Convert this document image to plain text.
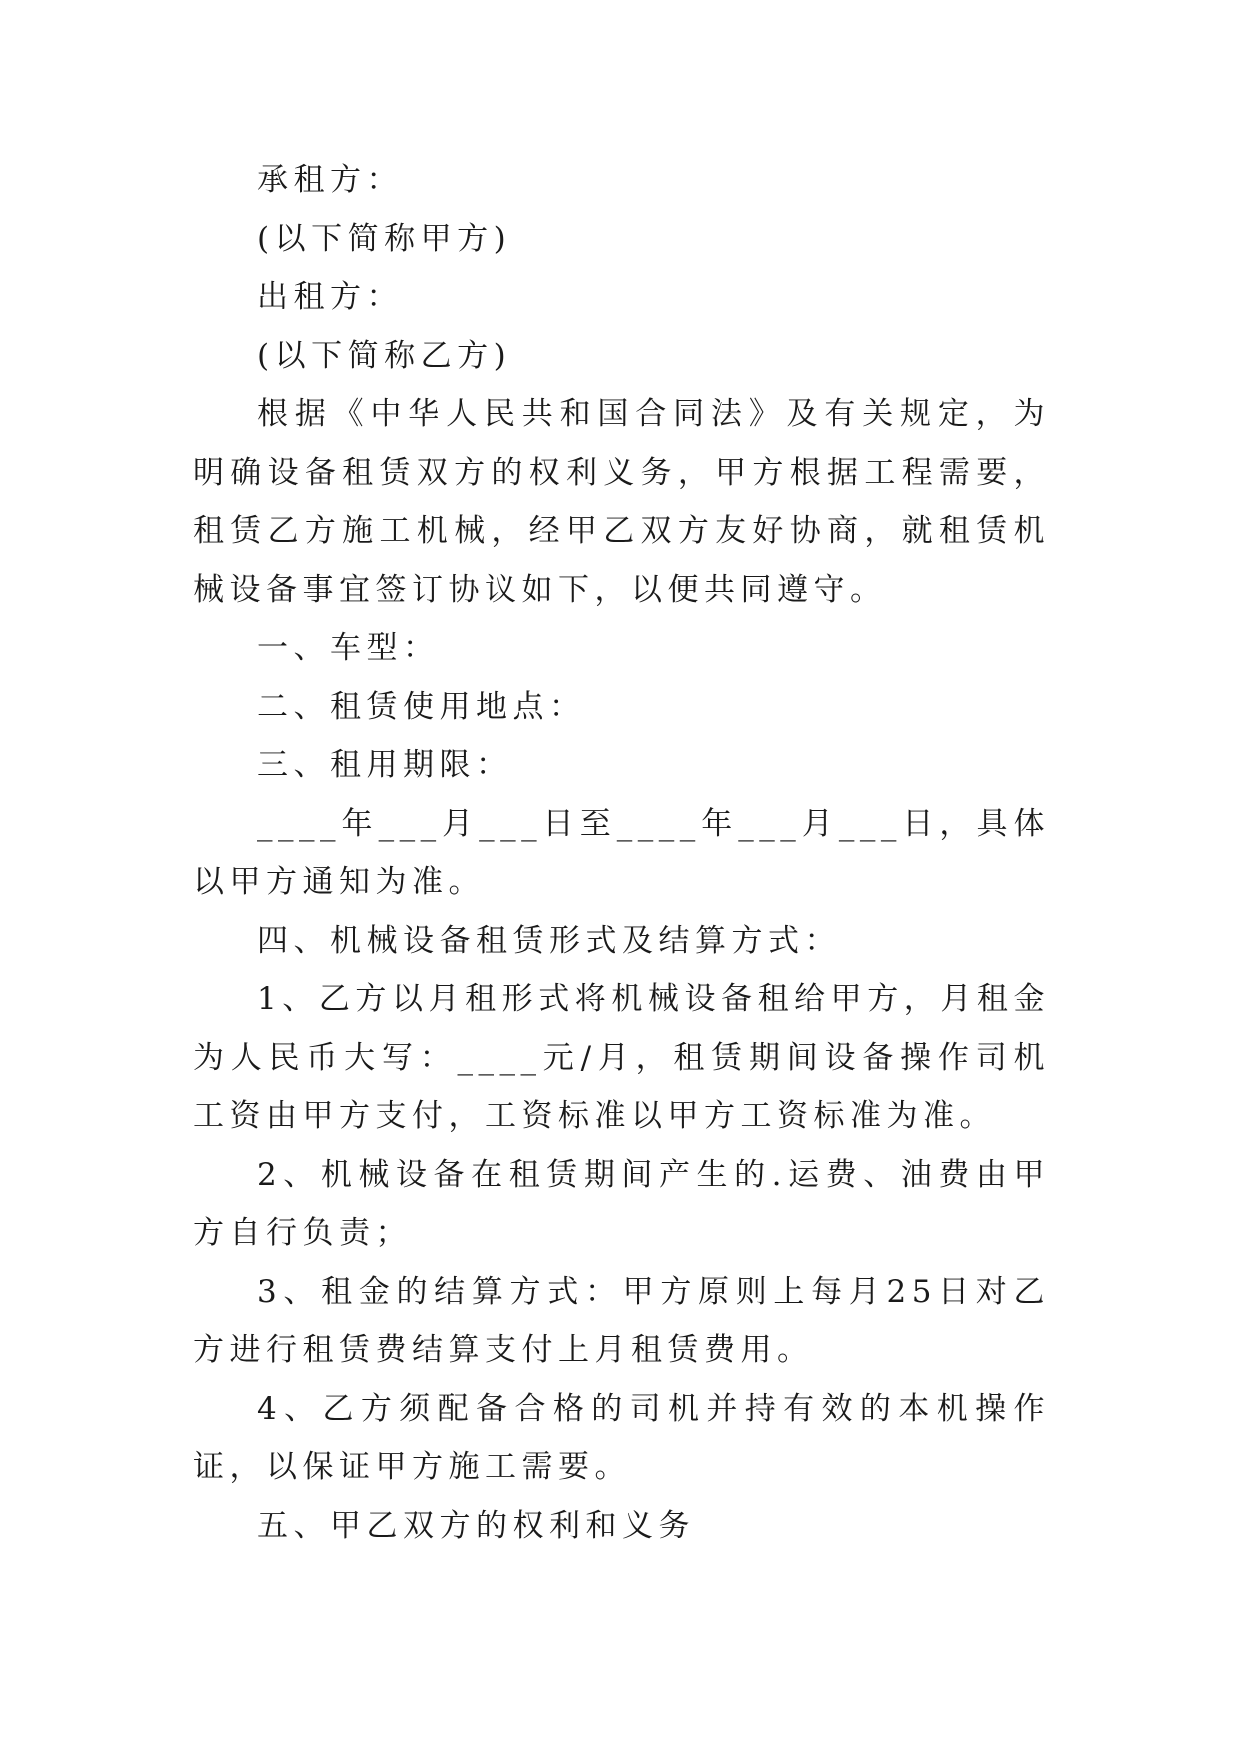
承租方：

(以下简称甲方)

出租方：

(以下简称乙方)

根据《中华人民共和国合同法》及有关规定，为明确设备租赁双方的权利义务，甲方根据工程需要，租赁乙方施工机械，经甲乙双方友好协商，就租赁机械设备事宜签订协议如下，以便共同遵守。

一、车型：

二、租赁使用地点：

三、租用期限：

____年___月___日至____年___月___日，具体以甲方通知为准。

四、机械设备租赁形式及结算方式：

1、乙方以月租形式将机械设备租给甲方，月租金为人民币大写：____元/月，租赁期间设备操作司机工资由甲方支付，工资标准以甲方工资标准为准。

2、机械设备在租赁期间产生的.运费、油费由甲方自行负责；

3、租金的结算方式：甲方原则上每月25日对乙方进行租赁费结算支付上月租赁费用。

4、乙方须配备合格的司机并持有效的本机操作证，以保证甲方施工需要。

五、甲乙双方的权利和义务
